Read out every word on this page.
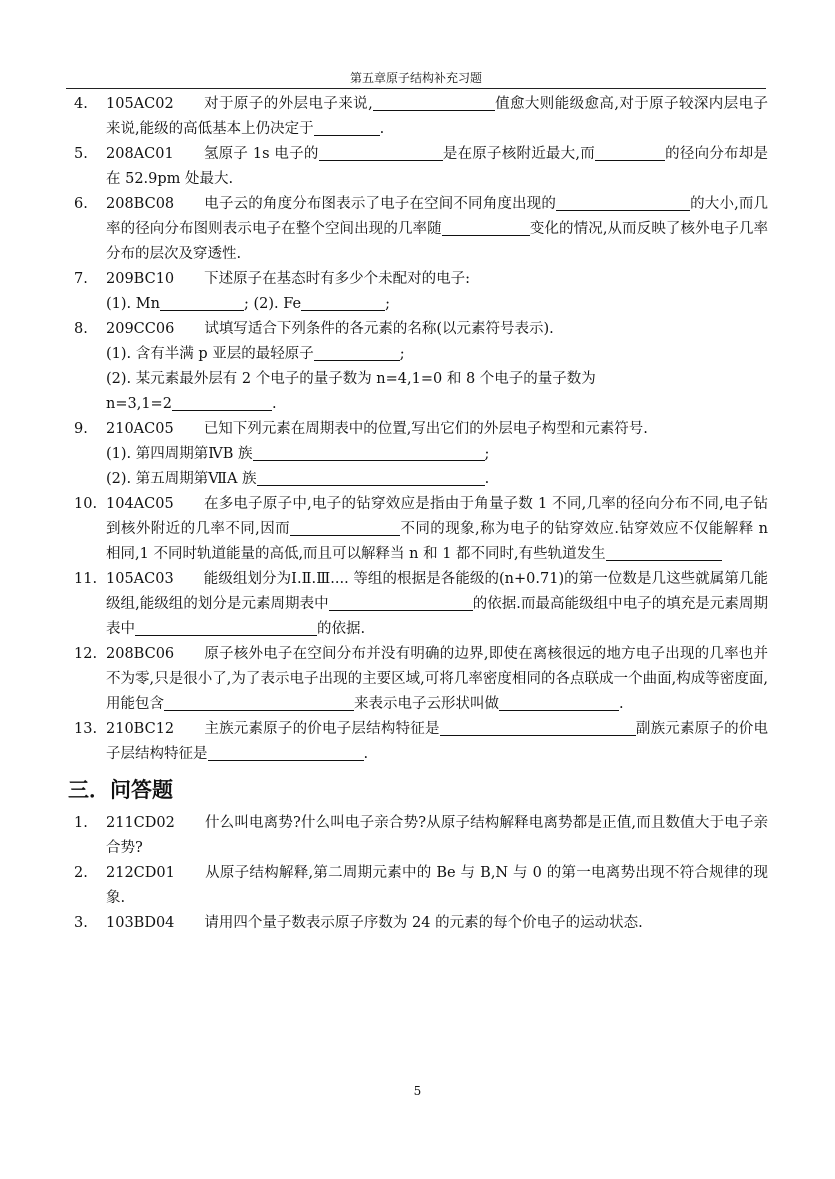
第五章原子结构补充习题
4.	105AC02 对于原子的外层电子来说,	值愈大则能级愈高,对于原子较深内层电子来说,能级的高低基本上仍决定于	.
5.	208AC01 氢原子 1s 电子的	是在原子核附近最大,而	的径向分布却是在 52.9pm 处最大.
6.	208BC08 电子云的角度分布图表示了电子在空间不同角度出现的	的大小,而几率的径向分布图则表示电子在整个空间出现的几率随	变化的情况,从而反映了核外电子几率分布的层次及穿透性.
7.	209BC10 下述原子在基态时有多少个未配对的电子:
(1). Mn	; (2). Fe	;
8.	209CC06 试填写适合下列条件的各元素的名称(以元素符号表示).
(1). 含有半满 p 亚层的最轻原子	;
(2). 某元素最外层有 2 个电子的量子数为 n=4,1=0 和 8 个电子的量子数为
n=3,1=2	.
9.	210AC05 已知下列元素在周期表中的位置,写出它们的外层电子构型和元素符号.
(1). 第四周期第ⅣB 族	;
(2). 第五周期第ⅦA 族	.
10. 104AC05 在多电子原子中,电子的钻穿效应是指由于角量子数 1 不同,几率的径向分布不同,电子钻到核外附近的几率不同,因而	不同的现象,称为电子的钻穿效应.钻穿效应不仅能解释 n 相同,1 不同时轨道能量的高低,而且可以解释当 n 和 1 都不同时,有些轨道发生
11. 105AC03 能级组划分为Ⅰ.Ⅱ.Ⅲ.... 等组的根据是各能级的(n+0.71)的第一位数是几这些就属第几能级组,能级组的划分是元素周期表中	的依据.而最高能级组中电子的填充是元素周期表中	的依据.
12. 208BC06 原子核外电子在空间分布并没有明确的边界,即使在离核很远的地方电子出现的几率也并不为零,只是很小了,为了表示电子出现的主要区域,可将几率密度相同的各点联成一个曲面,构成等密度面,用能包含	来表示电子云形状叫做	.
13. 210BC12 主族元素原子的价电子层结构特征是	副族元素原子的价电子层结构特征是	.
三．问答题
1.	211CD02 什么叫电离势?什么叫电子亲合势?从原子结构解释电离势都是正值,而且数值大于电子亲合势?
2.	212CD01 从原子结构解释,第二周期元素中的 Be 与 B,N 与 0 的第一电离势出现不符合规律的现象.
3.	103BD04 请用四个量子数表示原子序数为 24 的元素的每个价电子的运动状态.
5
